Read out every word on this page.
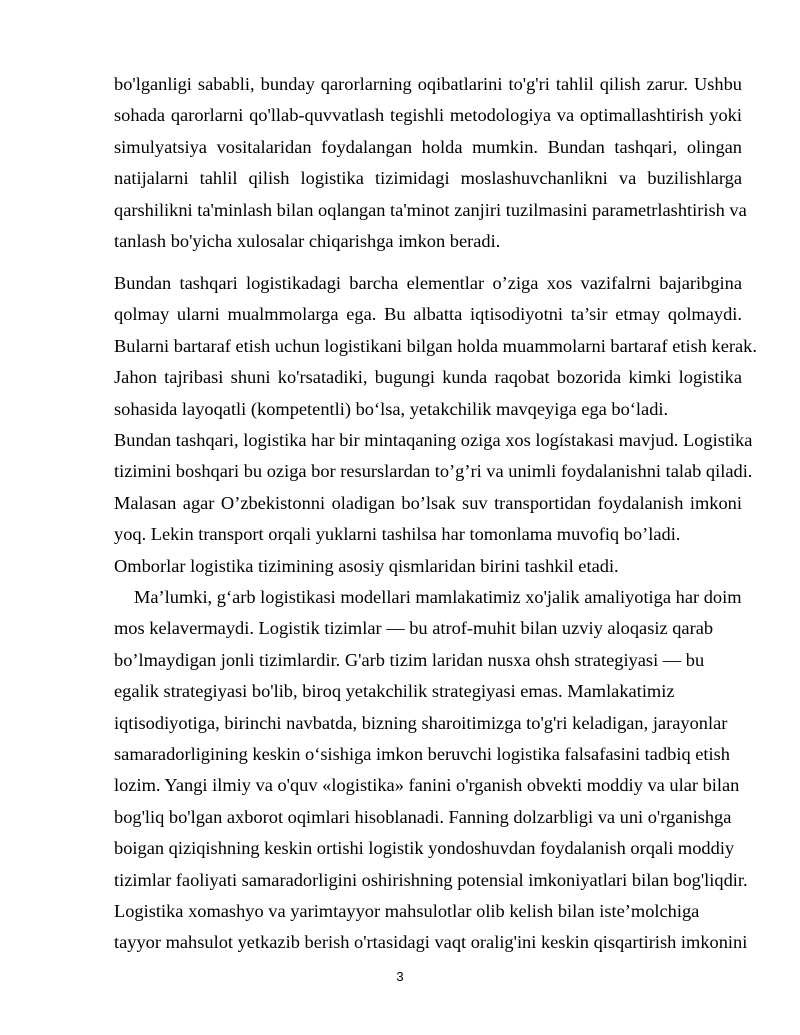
bo'lganligi sababli, bunday qarorlarning oqibatlarini to'g'ri tahlil qilish zarur. Ushbu
sohada qarorlarni qo'llab-quvvatlash tegishli metodologiya va optimallashtirish yoki
simulyatsiya vositalaridan foydalangan holda mumkin. Bundan tashqari, olingan
natijalarni tahlil qilish logistika tizimidagi moslashuvchanlikni va buzilishlarga
qarshilikni ta'minlash bilan oqlangan ta'minot zanjiri tuzilmasini parametrlashtirish va
tanlash bo'yicha xulosalar chiqarishga imkon beradi.
Bundan tashqari logistikadagi barcha elementlar o’ziga xos vazifalrni bajaribgina
qolmay ularni mualmmolarga ega. Bu albatta iqtisodiyotni ta’sir etmay qolmaydi.
Bularni bartaraf etish uchun logistikani bilgan holda muammolarni bartaraf etish kerak.
Jahon tajribasi shuni ko'rsatadiki, bugungi kunda raqobat bozorida kimki logistika
sohasida layoqatli (kompetentli) bo‘lsa, yetakchilik mavqeyiga ega bo‘ladi.
Bundan tashqari, logistika har bir mintaqaning oziga xos logístakasi mavjud. Logistika
tizimini boshqari bu oziga bor resurslardan to’g’ri va unimli foydalanishni talab qiladi.
Malasan agar O’zbekistonni oladigan bo’lsak suv transportidan foydalanish imkoni
yoq. Lekin transport orqali yuklarni tashilsa har tomonlama muvofiq bo’ladi.
Omborlar logistika tizimining asosiy qismlaridan birini tashkil etadi.
Ma’lumki, g‘arb logistikasi modellari mamlakatimiz xo'jalik amaliyotiga har doim
mos kelavermaydi. Logistik tizimlar — bu atrof-muhit bilan uzviy aloqasiz qarab
bo’lmaydigan jonli tizimlardir. G'arb tizim laridan nusxa ohsh strategiyasi — bu
egalik strategiyasi bo'lib, biroq yetakchilik strategiyasi emas. Mamlakatimiz
iqtisodiyotiga, birinchi navbatda, bizning sharoitimizga to'g'ri keladigan, jarayonlar
samaradorligining keskin o‘sishiga imkon beruvchi logistika falsafasini tadbiq etish
lozim. Yangi ilmiy va o'quv «logistika» fanini o'rganish obvekti moddiy va ular bilan
bog'liq bo'lgan axborot oqimlari hisoblanadi. Fanning dolzarbligi va uni o'rganishga
boigan qiziqishning keskin ortishi logistik yondoshuvdan foydalanish orqali moddiy
tizimlar faoliyati samaradorligini oshirishning potensial imkoniyatlari bilan bog'liqdir.
Logistika xomashyo va yarimtayyor mahsulotlar olib kelish bilan iste’molchiga
tayyor mahsulot yetkazib berish o'rtasidagi vaqt oralig'ini keskin qisqartirish imkonini
3
